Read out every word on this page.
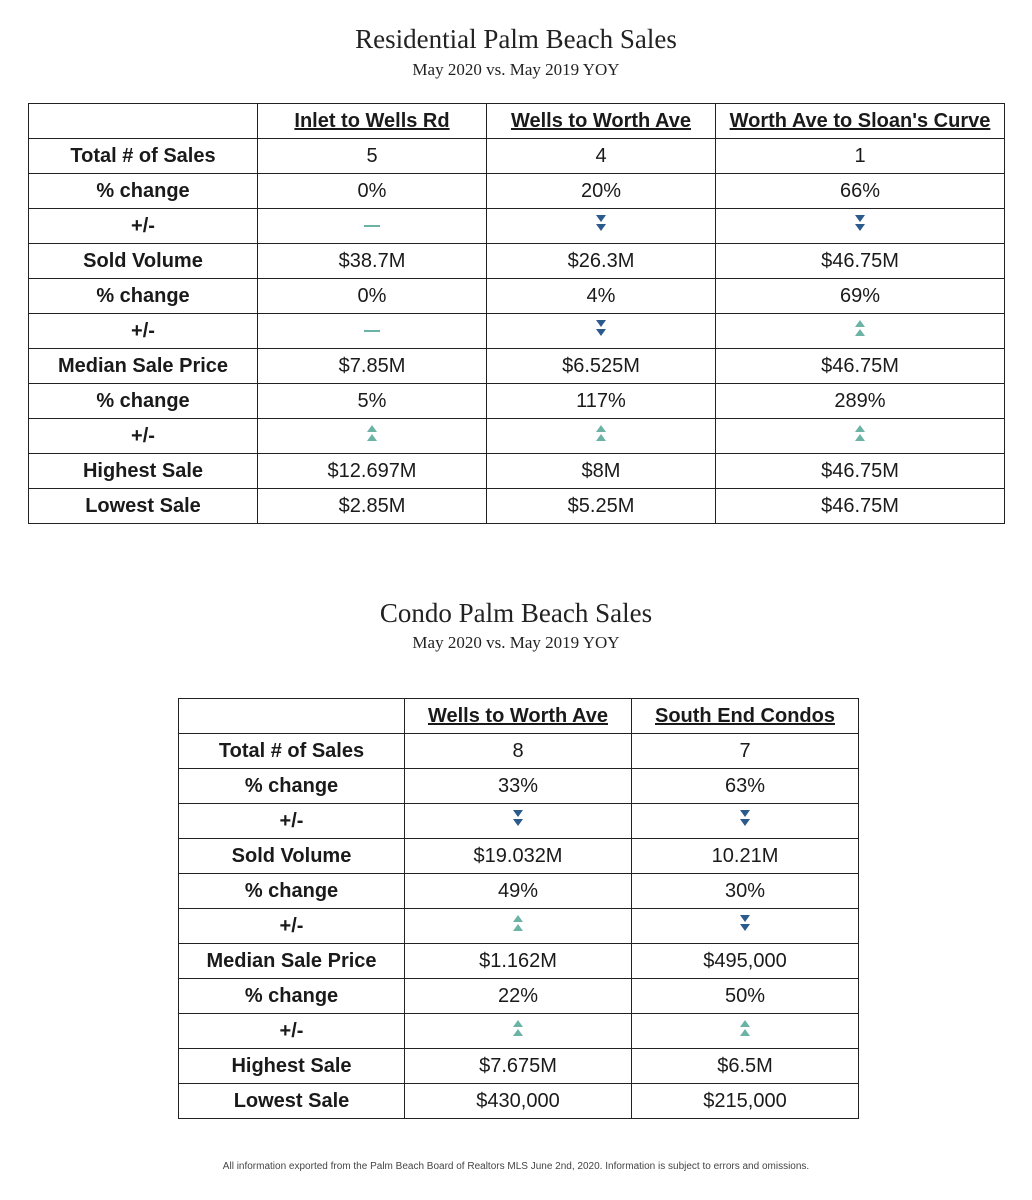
Residential Palm Beach Sales
May 2020 vs. May 2019 YOY
	Inlet to Wells Rd	Wells to Worth Ave	Worth Ave to Sloan's Curve
Total # of Sales	5	4	1
% change	0%	20%	66%
+/-			
Sold Volume	$38.7M	$26.3M	$46.75M
% change	0%	4%	69%
+/-			
Median Sale Price	$7.85M	$6.525M	$46.75M
% change	5%	117%	289%
+/-			
Highest Sale	$12.697M	$8M	$46.75M
Lowest Sale	$2.85M	$5.25M	$46.75M
Condo Palm Beach Sales
May 2020 vs. May 2019 YOY
	Wells to Worth Ave	South End Condos
Total # of Sales	8	7
% change	33%	63%
+/-		
Sold Volume	$19.032M	10.21M
% change	49%	30%
+/-		
Median Sale Price	$1.162M	$495,000
% change	22%	50%
+/-		
Highest Sale	$7.675M	$6.5M
Lowest Sale	$430,000	$215,000
All information exported from the Palm Beach Board of Realtors MLS June 2nd, 2020. Information is subject to errors and omissions.
